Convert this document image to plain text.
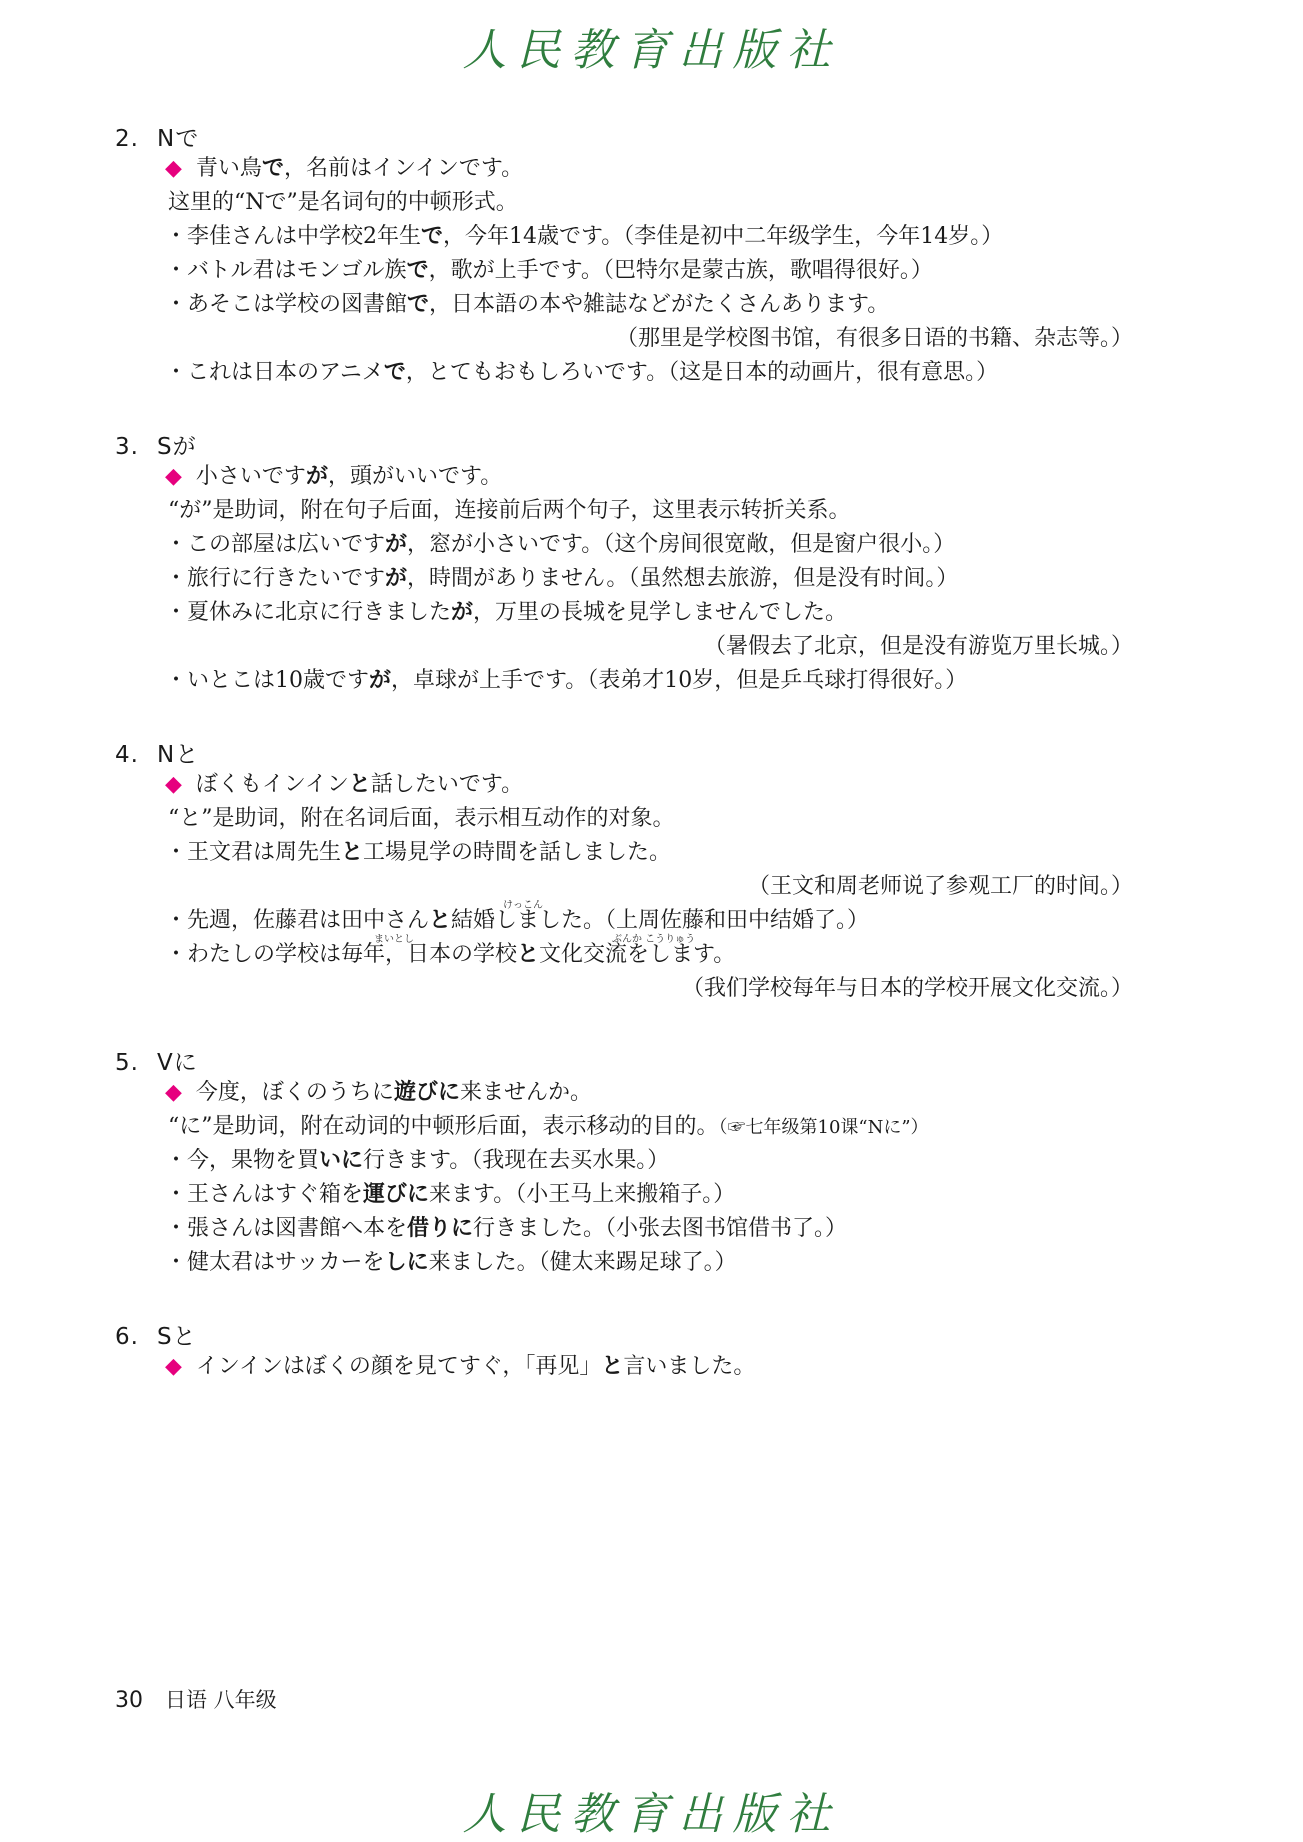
人民教育出版社
2. Nで
◆ 青い鳥で，名前はインインです。
这里的“Nで”是名词句的中顿形式。
・李佳さんは中学校2年生で，今年14歳です。（李佳是初中二年级学生，今年14岁。）
・バトル君はモンゴル族で，歌が上手です。（巴特尔是蒙古族，歌唱得很好。）
・あそこは学校の図書館で，日本語の本や雑誌などがたくさんあります。
（那里是学校图书馆，有很多日语的书籍、杂志等。）
・これは日本のアニメで，とてもおもしろいです。（这是日本的动画片，很有意思。）
3. Sが
◆ 小さいですが，頭がいいです。
“が”是助词，附在句子后面，连接前后两个句子，这里表示转折关系。
・この部屋は広いですが，窓が小さいです。（这个房间很宽敞，但是窗户很小。）
・旅行に行きたいですが，時間がありません。（虽然想去旅游，但是没有时间。）
・夏休みに北京に行きましたが，万里の長城を見学しませんでした。
（暑假去了北京，但是没有游览万里长城。）
・いとこは10歳ですが，卓球が上手です。（表弟才10岁，但是乒乓球打得很好。）
4. Nと
◆ ぼくもインインと話したいです。
“と”是助词，附在名词后面，表示相互动作的对象。
・王文君は周先生と工場見学の時間を話しました。
（王文和周老师说了参观工厂的时间。）
けっこん
・先週，佐藤君は田中さんと結婚しました。（上周佐藤和田中结婚了。）
まいとし	ぶんか こうりゅう
・わたしの学校は毎年，日本の学校と文化交流をします。
（我们学校每年与日本的学校开展文化交流。）
5. Vに
◆ 今度，ぼくのうちに遊びに来ませんか。
“に”是助词，附在动词的中顿形后面，表示移动的目的。（☞七年级第10课“Nに”）
・今，果物を買いに行きます。（我现在去买水果。）
・王さんはすぐ箱を運びに来ます。（小王马上来搬箱子。）
・張さんは図書館へ本を借りに行きました。（小张去图书馆借书了。）
・健太君はサッカーをしに来ました。（健太来踢足球了。）
6. Sと
◆ インインはぼくの顔を見てすぐ，「再见」と言いました。
30 日语 八年级
人民教育出版社
